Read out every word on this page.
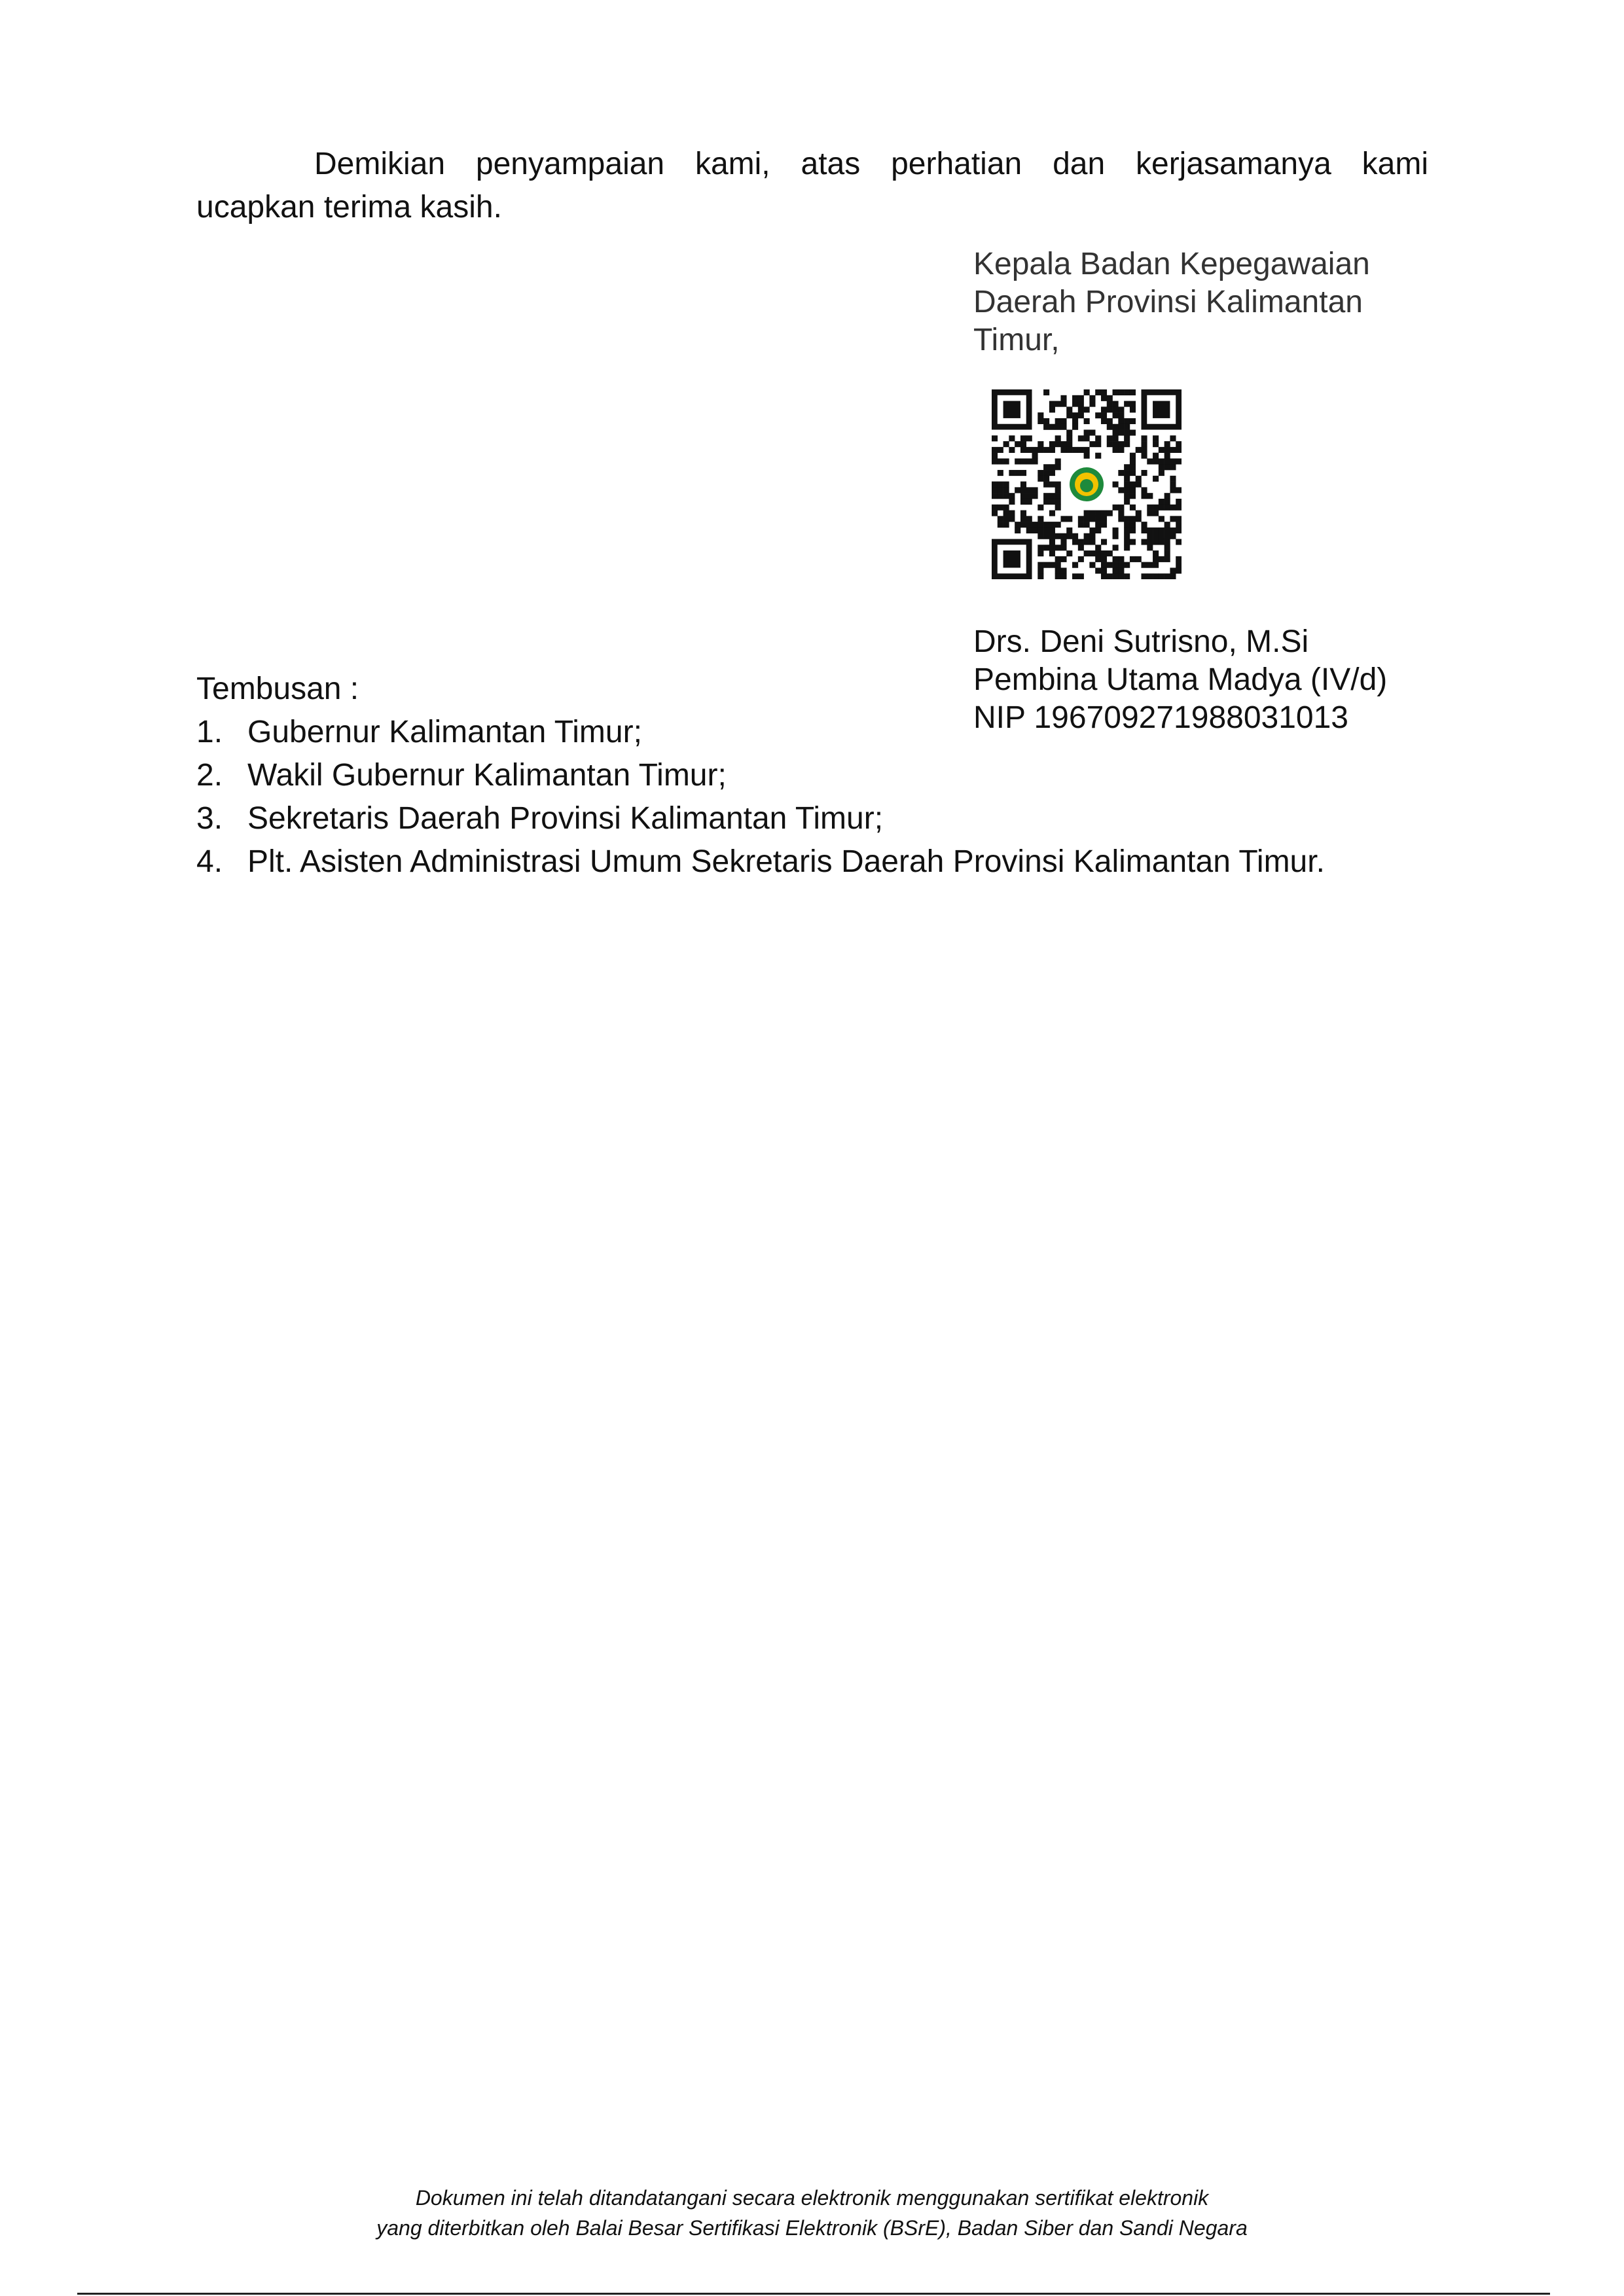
Demikian penyampaian kami, atas perhatian dan kerjasamanya kami
ucapkan terima kasih.

Kepala Badan Kepegawaian
Daerah Provinsi Kalimantan
Timur,
Drs. Deni Sutrisno, M.Si
Pembina Utama Madya (IV/d)
NIP 196709271988031013
Tembusan :
1. Gubernur Kalimantan Timur;
2. Wakil Gubernur Kalimantan Timur;
3. Sekretaris Daerah Provinsi Kalimantan Timur;
4. Plt. Asisten Administrasi Umum Sekretaris Daerah Provinsi Kalimantan Timur.
Dokumen ini telah ditandatangani secara elektronik menggunakan sertifikat elektronik
yang diterbitkan oleh Balai Besar Sertifikasi Elektronik (BSrE), Badan Siber dan Sandi Negara
